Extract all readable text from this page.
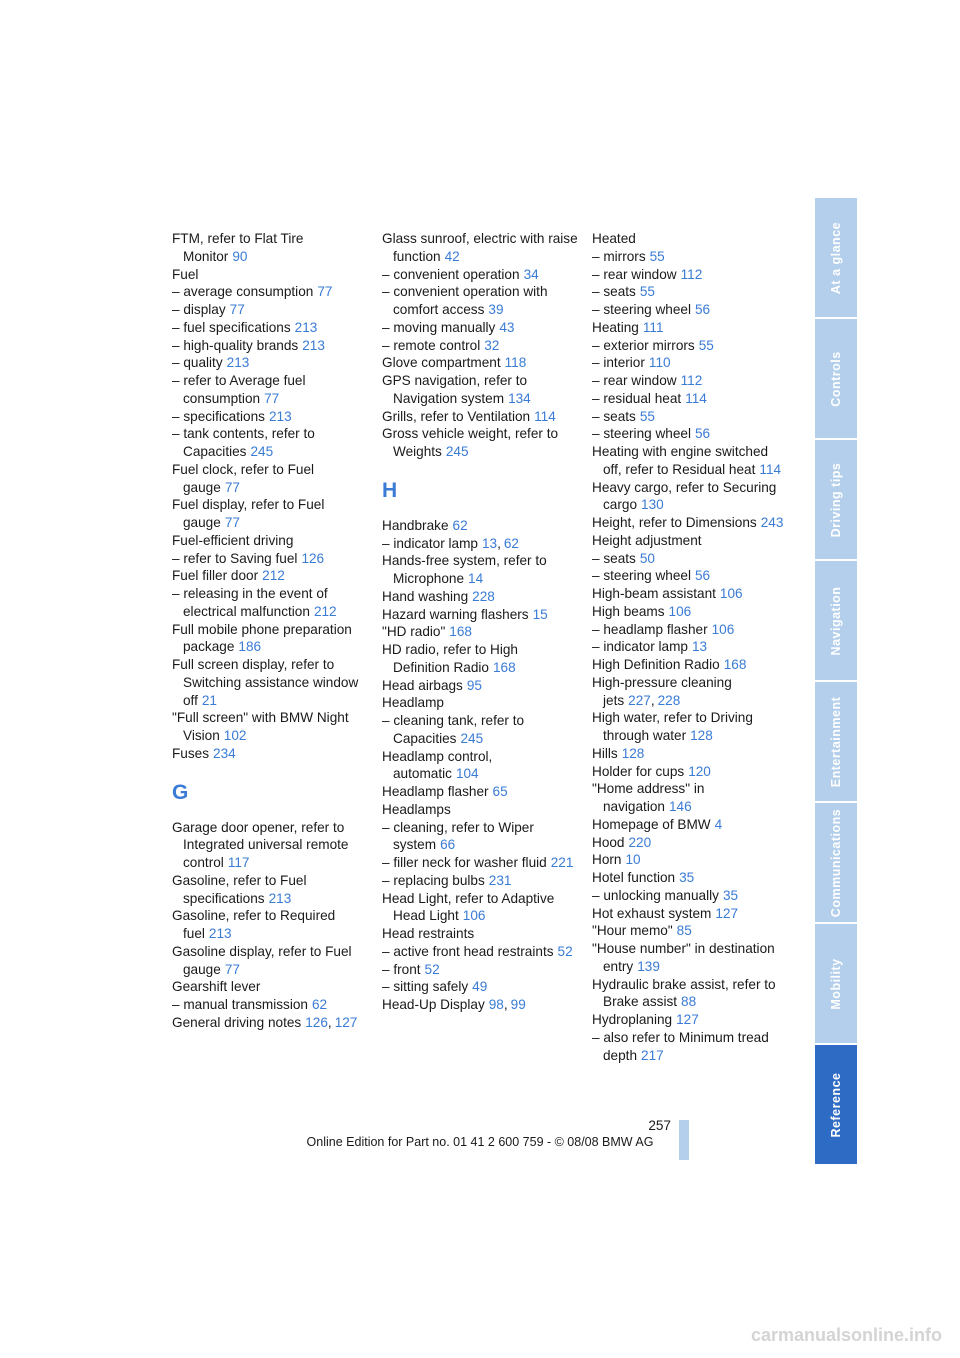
FTM, refer to Flat Tire Monitor 90
Fuel
– average consumption 77
– display 77
– fuel specifications 213
– high-quality brands 213
– quality 213
– refer to Average fuel consumption 77
– specifications 213
– tank contents, refer to Capacities 245
Fuel clock, refer to Fuel gauge 77
Fuel display, refer to Fuel gauge 77
Fuel-efficient driving
– refer to Saving fuel 126
Fuel filler door 212
– releasing in the event of electrical malfunction 212
Full mobile phone preparation package 186
Full screen display, refer to Switching assistance window off 21
"Full screen" with BMW Night Vision 102
Fuses 234
G
Garage door opener, refer to Integrated universal remote control 117
Gasoline, refer to Fuel specifications 213
Gasoline, refer to Required fuel 213
Gasoline display, refer to Fuel gauge 77
Gearshift lever
– manual transmission 62
General driving notes 126, 127
Glass sunroof, electric with raise function 42
– convenient operation 34
– convenient operation with comfort access 39
– moving manually 43
– remote control 32
Glove compartment 118
GPS navigation, refer to Navigation system 134
Grills, refer to Ventilation 114
Gross vehicle weight, refer to Weights 245
H
Handbrake 62
– indicator lamp 13, 62
Hands-free system, refer to Microphone 14
Hand washing 228
Hazard warning flashers 15
"HD radio" 168
HD radio, refer to High Definition Radio 168
Head airbags 95
Headlamp
– cleaning tank, refer to Capacities 245
Headlamp control, automatic 104
Headlamp flasher 65
Headlamps
– cleaning, refer to Wiper system 66
– filler neck for washer fluid 221
– replacing bulbs 231
Head Light, refer to Adaptive Head Light 106
Head restraints
– active front head restraints 52
– front 52
– sitting safely 49
Head-Up Display 98, 99
Heated
– mirrors 55
– rear window 112
– seats 55
– steering wheel 56
Heating 111
– exterior mirrors 55
– interior 110
– rear window 112
– residual heat 114
– seats 55
– steering wheel 56
Heating with engine switched off, refer to Residual heat 114
Heavy cargo, refer to Securing cargo 130
Height, refer to Dimensions 243
Height adjustment
– seats 50
– steering wheel 56
High-beam assistant 106
High beams 106
– headlamp flasher 106
– indicator lamp 13
High Definition Radio 168
High-pressure cleaning jets 227, 228
High water, refer to Driving through water 128
Hills 128
Holder for cups 120
"Home address" in navigation 146
Homepage of BMW 4
Hood 220
Horn 10
Hotel function 35
– unlocking manually 35
Hot exhaust system 127
"Hour memo" 85
"House number" in destination entry 139
Hydraulic brake assist, refer to Brake assist 88
Hydroplaning 127
– also refer to Minimum tread depth 217
At a glance
Controls
Driving tips
Navigation
Entertainment
Communications
Mobility
Reference
257
Online Edition for Part no. 01 41 2 600 759 - © 08/08 BMW AG
carmanualsonline.info
